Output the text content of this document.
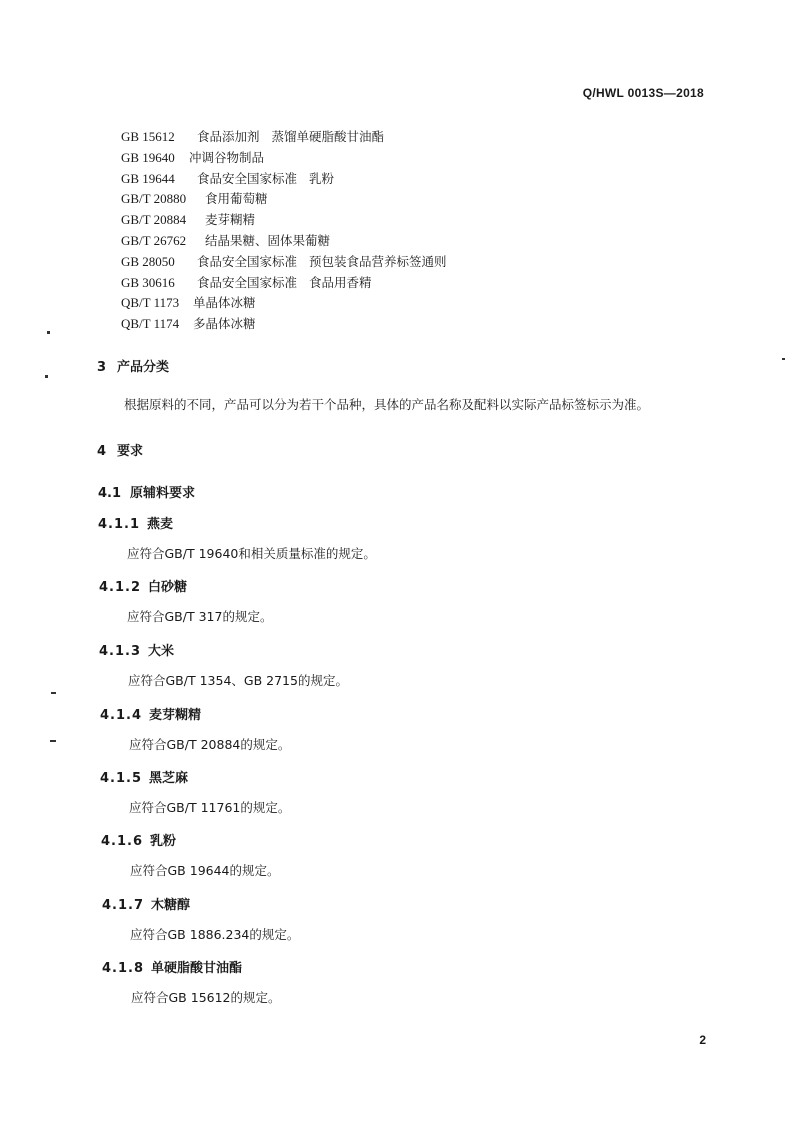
Q/HWL 0013S—2018
GB 15612 食品添加剂 蒸馏单硬脂酸甘油酯
GB 19640 冲调谷物制品
GB 19644 食品安全国家标准 乳粉
GB/T 20880 食用葡萄糖
GB/T 20884 麦芽糊精
GB/T 26762 结晶果糖、固体果葡糖
GB 28050 食品安全国家标准 预包装食品营养标签通则
GB 30616 食品安全国家标准 食品用香精
QB/T 1173 单晶体冰糖
QB/T 1174 多晶体冰糖
3 产品分类
根据原料的不同，产品可以分为若干个品种，具体的产品名称及配料以实际产品标签标示为准。
4 要求
4.1 原辅料要求
4.1.1 燕麦
应符合GB/T 19640和相关质量标准的规定。
4.1.2 白砂糖
应符合GB/T 317的规定。
4.1.3 大米
应符合GB/T 1354、GB 2715的规定。
4.1.4 麦芽糊精
应符合GB/T 20884的规定。
4.1.5 黑芝麻
应符合GB/T 11761的规定。
4.1.6 乳粉
应符合GB 19644的规定。
4.1.7 木糖醇
应符合GB 1886.234的规定。
4.1.8 单硬脂酸甘油酯
应符合GB 15612的规定。
2
